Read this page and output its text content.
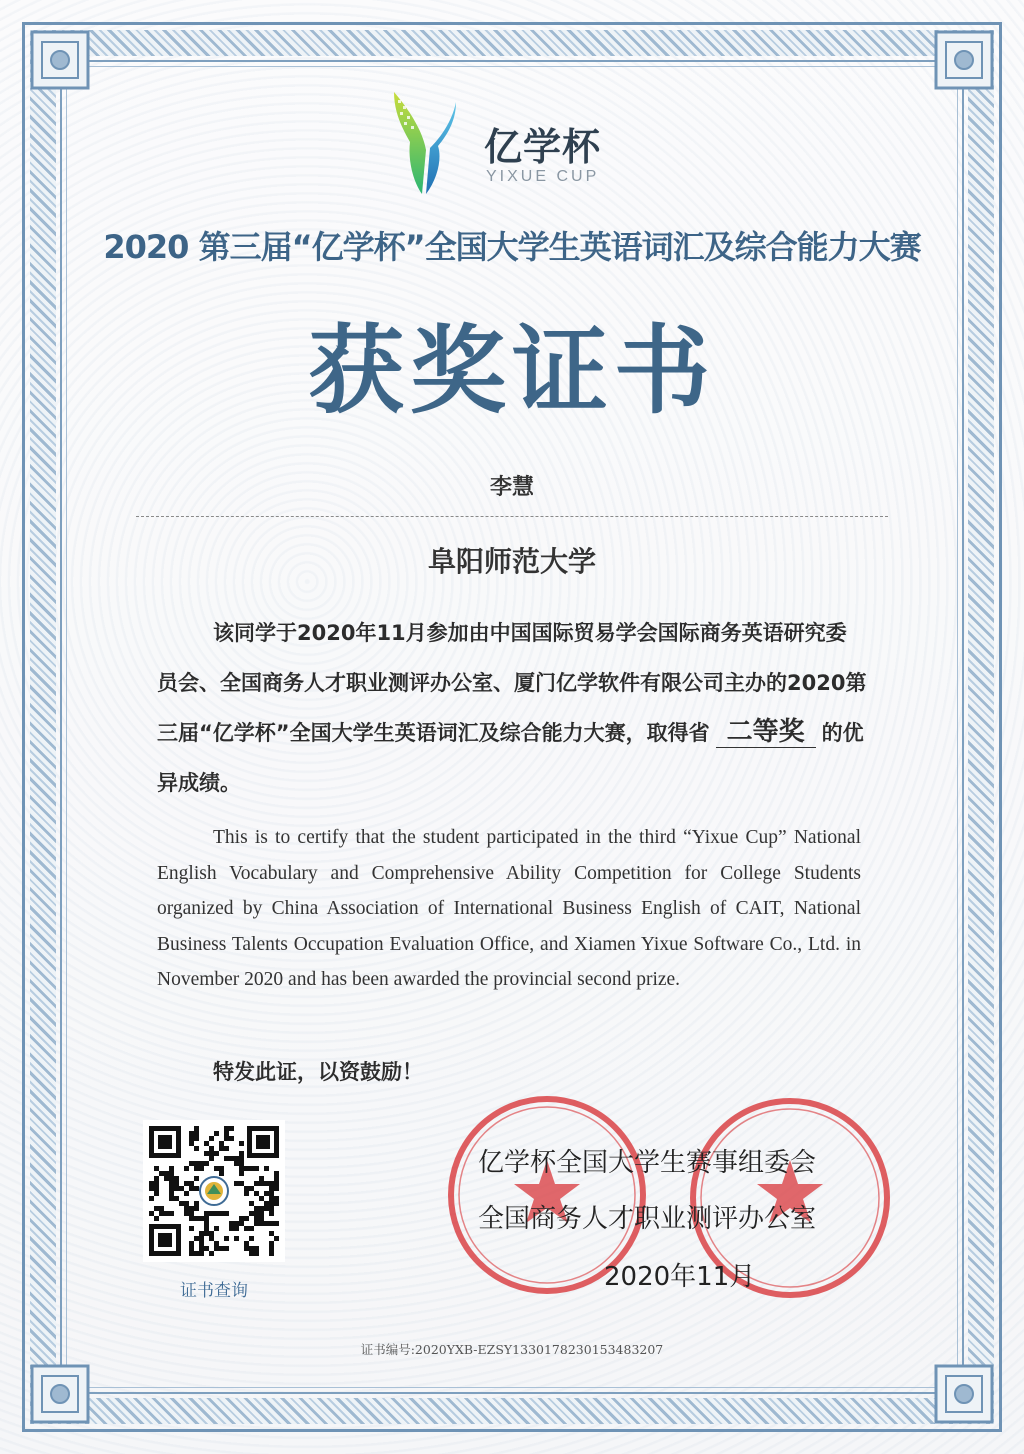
亿学杯
YIXUE CUP
2020 第三届“亿学杯”全国大学生英语词汇及综合能力大赛
获奖证书
李慧
阜阳师范大学
该同学于2020年11月参加由中国国际贸易学会国际商务英语研究委员会、全国商务人才职业测评办公室、厦门亿学软件有限公司主办的2020第三届“亿学杯”全国大学生英语词汇及综合能力大赛，取得省 二等奖 的优异成绩。
This is to certify that the student participated in the third “Yixue Cup” National English Vocabulary and Comprehensive Ability Competition for College Students organized by China Association of International Business English of CAIT, National Business Talents Occupation Evaluation Office, and Xiamen Yixue Software Co., Ltd. in November 2020 and has been awarded the provincial second prize.
特发此证，以资鼓励！
证书查询
亿学杯全国大学生赛事组委会
全国商务人才职业测评办公室
2020年11月
证书编号:2020YXB-EZSY1330178230153483207
